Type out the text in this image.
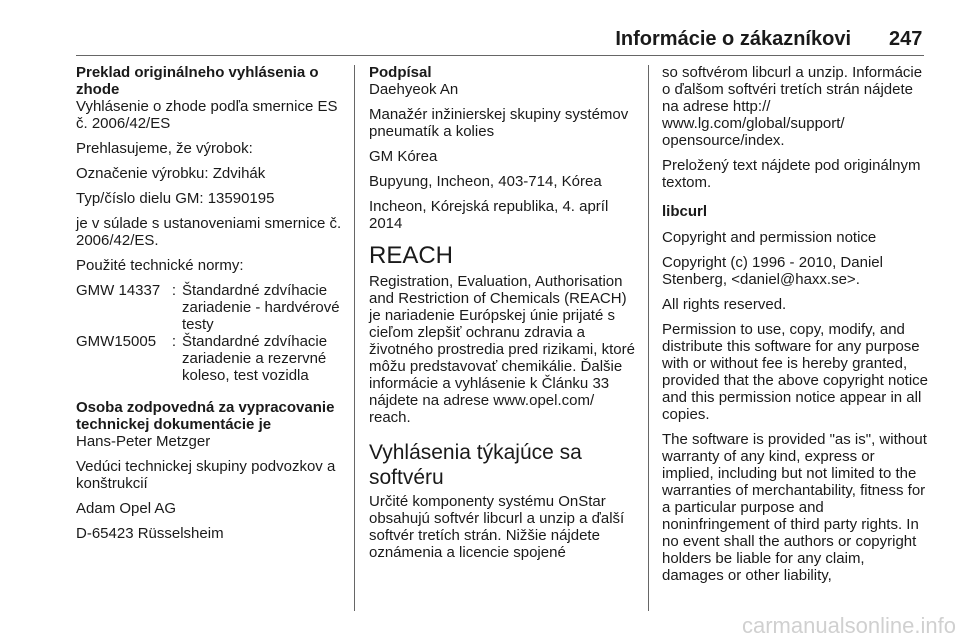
Informácie o zákazníkovi 247

Preklad originálneho vyhlásenia o zhode

Vyhlásenie o zhode podľa smernice ES č. 2006/42/ES

Prehlasujeme, že výrobok:

Označenie výrobku: Zdvihák

Typ/číslo dielu GM: 13590195

je v súlade s ustanoveniami smernice č. 2006/42/ES.

Použité technické normy:

GMW 14337	:	Štandardné zdvíhacie zariadenie - hardvérové testy
GMW15005	:	Štandardné zdvíhacie zariadenie a rezervné koleso, test vozidla

Osoba zodpovedná za vypracovanie technickej dokumentácie je

Hans-Peter Metzger

Vedúci technickej skupiny podvozkov a konštrukcií

Adam Opel AG

D-65423 Rüsselsheim

Podpísal

Daehyeok An

Manažér inžinierskej skupiny systémov pneumatík a kolies

GM Kórea

Bupyung, Incheon, 403-714, Kórea

Incheon, Kórejská republika, 4. apríl 2014

REACH

Registration, Evaluation, Authorisation and Restriction of Chemicals (REACH) je nariadenie Európskej únie prijaté s cieľom zlepšiť ochranu zdravia a životného prostredia pred rizikami, ktoré môžu predstavovať chemikálie. Ďalšie informácie a vyhlásenie k Článku 33 nájdete na adrese www.opel.com/ reach.

Vyhlásenia týkajúce sa softvéru

Určité komponenty systému OnStar obsahujú softvér libcurl a unzip a ďalší softvér tretích strán. Nižšie nájdete oznámenia a licencie spojené

so softvérom libcurl a unzip. Informácie o ďalšom softvéri tretích strán nájdete na adrese http:// www.lg.com/global/support/ opensource/index.

Preložený text nájdete pod originálnym textom.

libcurl

Copyright and permission notice

Copyright (c) 1996 - 2010, Daniel Stenberg, <daniel@haxx.se>.

All rights reserved.

Permission to use, copy, modify, and distribute this software for any purpose with or without fee is hereby granted, provided that the above copyright notice and this permission notice appear in all copies.

The software is provided "as is", without warranty of any kind, express or implied, including but not limited to the warranties of merchantability, fitness for a particular purpose and noninfringement of third party rights. In no event shall the authors or copyright holders be liable for any claim, damages or other liability,

carmanualsonline.info
